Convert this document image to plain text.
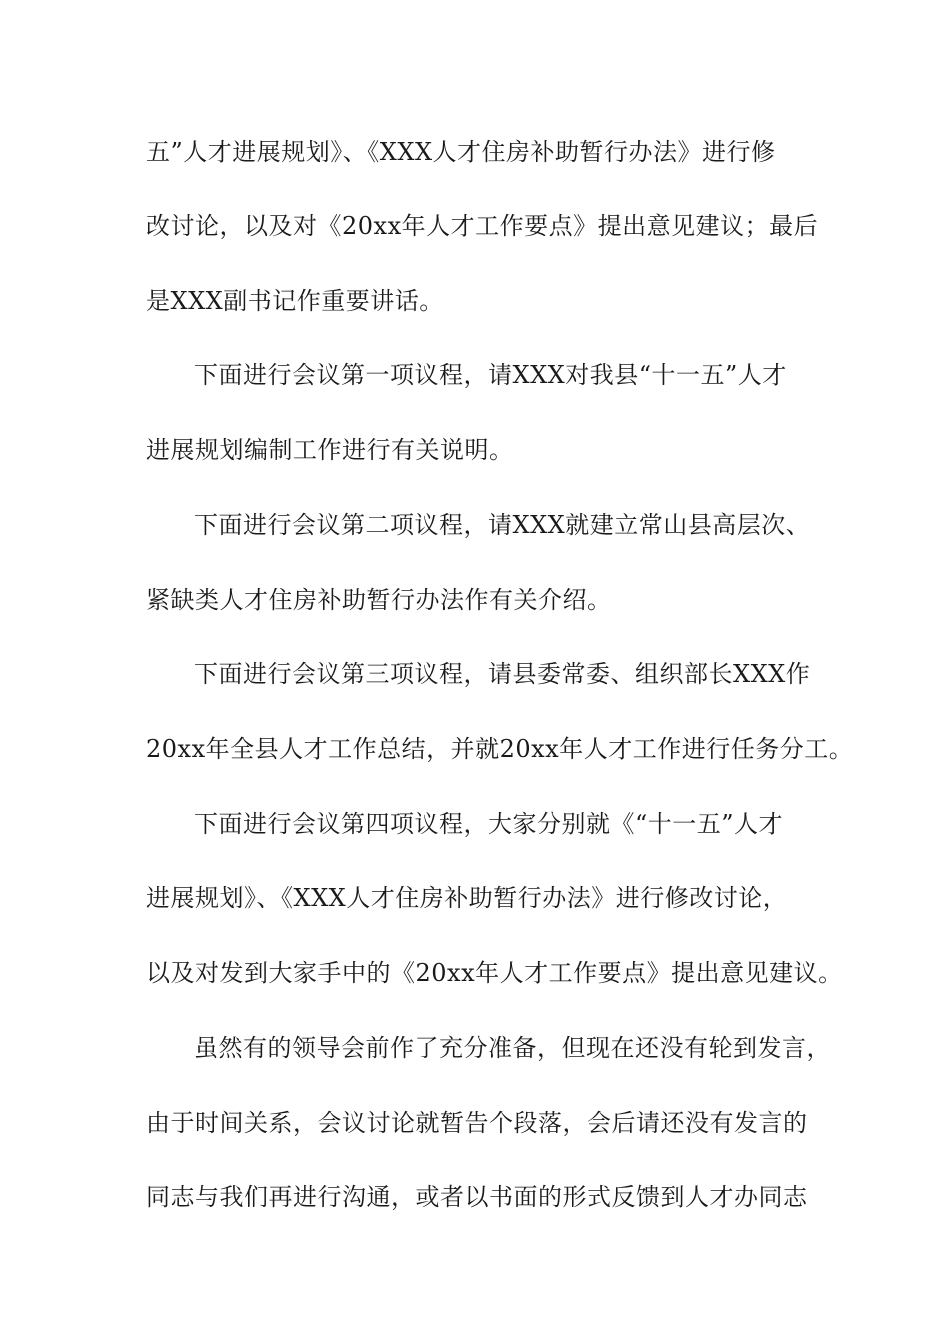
五”人才进展规划》、《XXX人才住房补助暂行办法》进行修
改讨论，以及对《20xx年人才工作要点》提出意见建议；最后
是XXX副书记作重要讲话。
下面进行会议第一项议程，请XXX对我县“十一五”人才
进展规划编制工作进行有关说明。
下面进行会议第二项议程，请XXX就建立常山县高层次、
紧缺类人才住房补助暂行办法作有关介绍。
下面进行会议第三项议程，请县委常委、组织部长XXX作
20xx年全县人才工作总结，并就20xx年人才工作进行任务分工。
下面进行会议第四项议程，大家分别就《“十一五”人才
进展规划》、《XXX人才住房补助暂行办法》进行修改讨论，
以及对发到大家手中的《20xx年人才工作要点》提出意见建议。
虽然有的领导会前作了充分准备，但现在还没有轮到发言，
由于时间关系，会议讨论就暂告个段落，会后请还没有发言的
同志与我们再进行沟通，或者以书面的形式反馈到人才办同志
